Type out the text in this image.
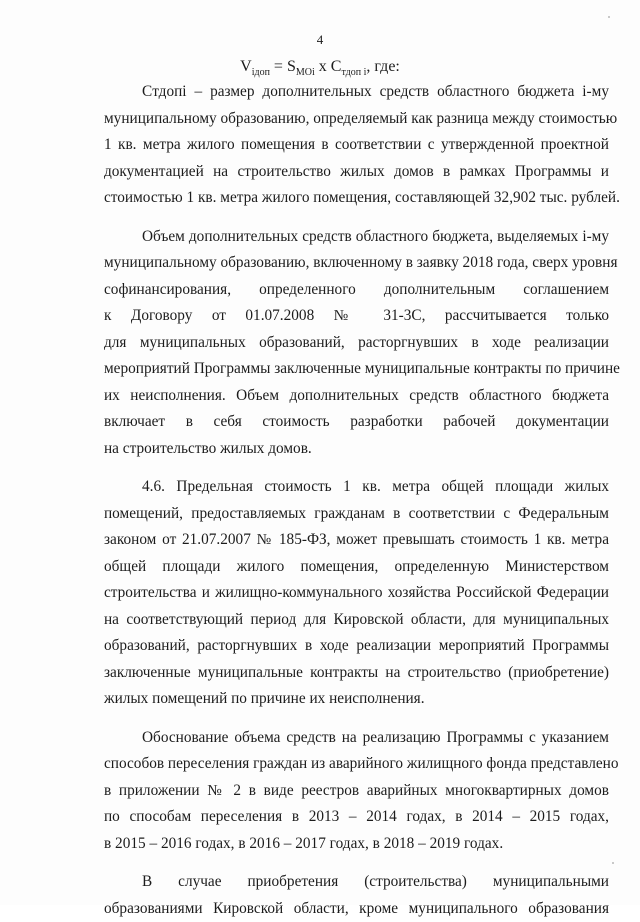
4
$V_{iдоп} = S_{MOi}$ x $C_{тдоп i}$, где:
Cтдопi – размер дополнительных средств областного бюджета i-му
муниципальному образованию, определяемый как разница между стоимостью
1 кв. метра жилого помещения в соответствии с утвержденной проектной
документацией на строительство жилых домов в рамках Программы и
стоимостью 1 кв. метра жилого помещения, составляющей 32,902 тыс. рублей.
Объем дополнительных средств областного бюджета, выделяемых i-му
муниципальному образованию, включенному в заявку 2018 года, сверх уровня
софинансирования, определенного дополнительным соглашением
к Договору от 01.07.2008 № 31-3С, рассчитывается только
для муниципальных образований, расторгнувших в ходе реализации
мероприятий Программы заключенные муниципальные контракты по причине
их неисполнения. Объем дополнительных средств областного бюджета
включает в себя стоимость разработки рабочей документации
на строительство жилых домов.
4.6. Предельная стоимость 1 кв. метра общей площади жилых
помещений, предоставляемых гражданам в соответствии с Федеральным
законом от 21.07.2007 № 185-ФЗ, может превышать стоимость 1 кв. метра
общей площади жилого помещения, определенную Министерством
строительства и жилищно-коммунального хозяйства Российской Федерации
на соответствующий период для Кировской области, для муниципальных
образований, расторгнувших в ходе реализации мероприятий Программы
заключенные муниципальные контракты на строительство (приобретение)
жилых помещений по причине их неисполнения.
Обоснование объема средств на реализацию Программы с указанием
способов переселения граждан из аварийного жилищного фонда представлено
в приложении № 2 в виде реестров аварийных многоквартирных домов
по способам переселения в 2013 – 2014 годах, в 2014 – 2015 годах,
в 2015 – 2016 годах, в 2016 – 2017 годах, в 2018 – 2019 годах.
В случае приобретения (строительства) муниципальными
образованиями Кировской области, кроме муниципального образования
